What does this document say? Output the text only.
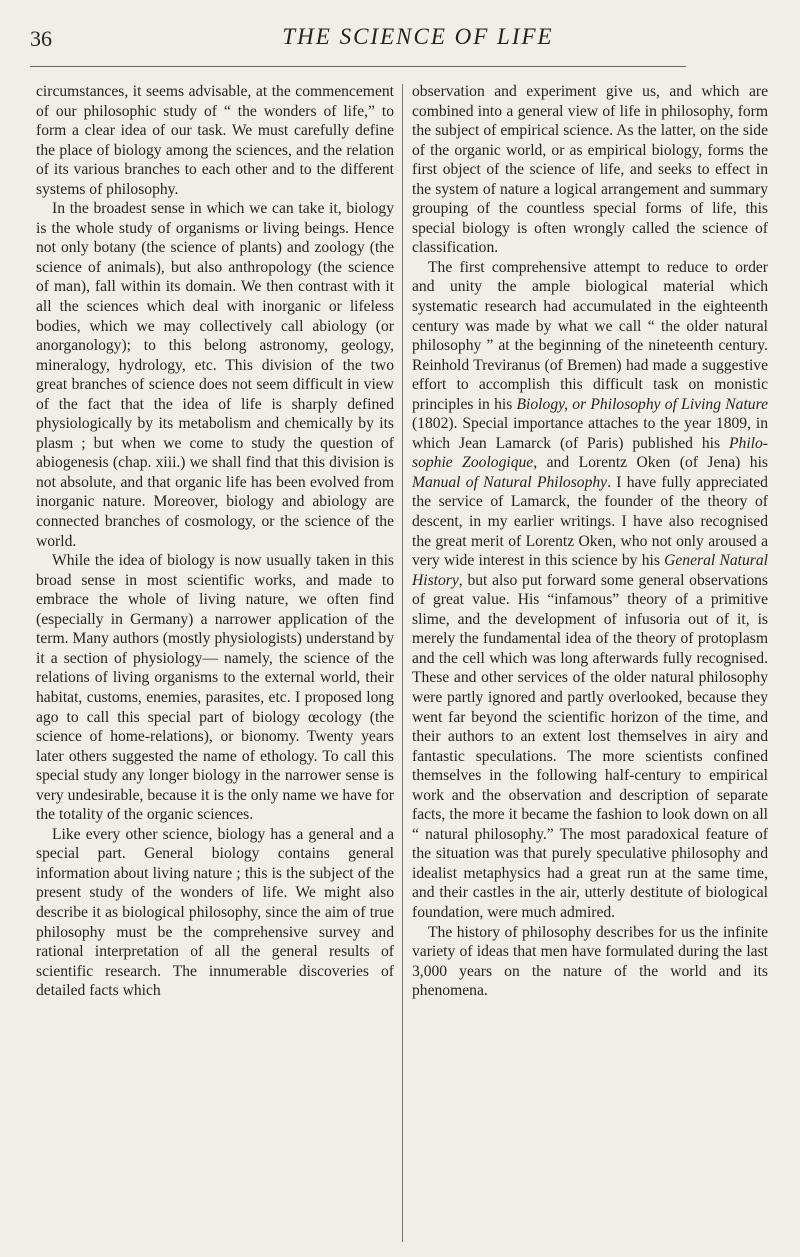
36	THE SCIENCE OF LIFE

circumstances, it seems advisable, at the commencement of our philosophic study of “ the wonders of life,” to form a clear idea of our task. We must carefully define the place of biology among the sciences, and the relation of its various branches to each other and to the different systems of philosophy.

In the broadest sense in which we can take it, biology is the whole study of organisms or living beings. Hence not only botany (the science of plants) and zoology (the science of animals), but also anthropology (the science of man), fall within its domain. We then contrast with it all the sciences which deal with inorganic or lifeless bodies, which we may collectively call abiology (or anorganology); to this belong astronomy, geology, mineralogy, hydrology, etc. This division of the two great branches of science does not seem difficult in view of the fact that the idea of life is sharply defined physiologically by its metabolism and chemically by its plasm ; but when we come to study the question of abiogenesis (chap. xiii.) we shall find that this division is not absolute, and that organic life has been evolved from inorganic nature. Moreover, biology and abiology are connected branches of cosmology, or the science of the world.

While the idea of biology is now usually taken in this broad sense in most scientific works, and made to embrace the whole of living nature, we often find (especially in Germany) a narrower application of the term. Many authors (mostly physiologists) understand by it a section of physiology— namely, the science of the relations of living organisms to the external world, their habitat, customs, enemies, parasites, etc. I proposed long ago to call this special part of biology œcology (the science of home-relations), or bionomy. Twenty years later others suggested the name of ethology. To call this special study any longer biology in the narrower sense is very undesirable, because it is the only name we have for the totality of the organic sciences.

Like every other science, biology has a general and a special part. General biology contains general information about living nature ; this is the subject of the present study of the wonders of life. We might also describe it as biological philosophy, since the aim of true philosophy must be the comprehensive survey and rational interpretation of all the general results of scientific research. The innumerable discoveries of detailed facts which

observation and experiment give us, and which are combined into a general view of life in philosophy, form the subject of empirical science. As the latter, on the side of the organic world, or as empirical biology, forms the first object of the science of life, and seeks to effect in the system of nature a logical arrangement and summary grouping of the countless special forms of life, this special biology is often wrongly called the science of classification.

The first comprehensive attempt to reduce to order and unity the ample biological material which systematic research had accumulated in the eighteenth century was made by what we call “ the older natural philosophy ” at the beginning of the nineteenth century. Reinhold Treviranus (of Bremen) had made a suggestive effort to accomplish this difficult task on monistic principles in his Biology, or Philosophy of Living Nature (1802). Special importance attaches to the year 1809, in which Jean Lamarck (of Paris) published his Philosophie Zoologique, and Lorentz Oken (of Jena) his Manual of Natural Philosophy. I have fully appreciated the service of Lamarck, the founder of the theory of descent, in my earlier writings. I have also recognised the great merit of Lorentz Oken, who not only aroused a very wide interest in this science by his General Natural History, but also put forward some general observations of great value. His “infamous” theory of a primitive slime, and the development of infusoria out of it, is merely the fundamental idea of the theory of protoplasm and the cell which was long afterwards fully recognised. These and other services of the older natural philosophy were partly ignored and partly overlooked, because they went far beyond the scientific horizon of the time, and their authors to an extent lost themselves in airy and fantastic speculations. The more scientists confined themselves in the following half-century to empirical work and the observation and description of separate facts, the more it became the fashion to look down on all “ natural philosophy.” The most paradoxical feature of the situation was that purely speculative philosophy and idealist metaphysics had a great run at the same time, and their castles in the air, utterly destitute of biological foundation, were much admired.

The history of philosophy describes for us the infinite variety of ideas that men have formulated during the last 3,000 years on the nature of the world and its phenomena.
